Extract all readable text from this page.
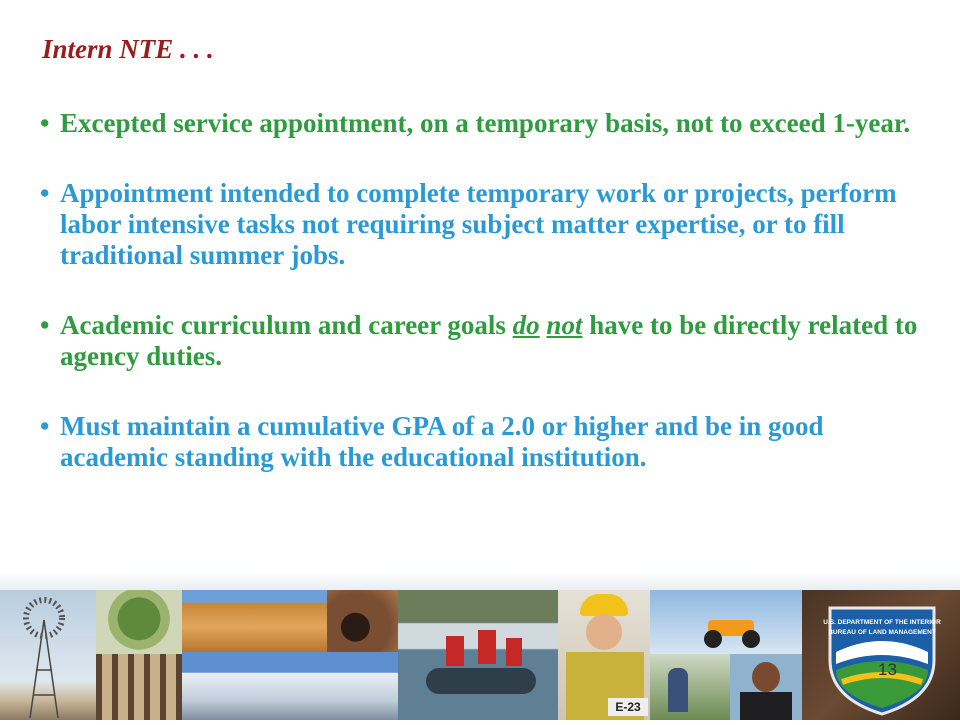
Intern NTE . . .
• Excepted service appointment, on a temporary basis, not to exceed 1-year.
• Appointment intended to complete temporary work or projects, perform labor intensive tasks not requiring subject matter expertise, or to fill traditional summer jobs.
• Academic curriculum and career goals do not have to be directly related to agency duties.
• Must maintain a cumulative GPA of a 2.0 or higher and be in good academic standing with the educational institution.
E-23
U.S. DEPARTMENT OF THE INTERIOR
BUREAU OF LAND MANAGEMENT
13
